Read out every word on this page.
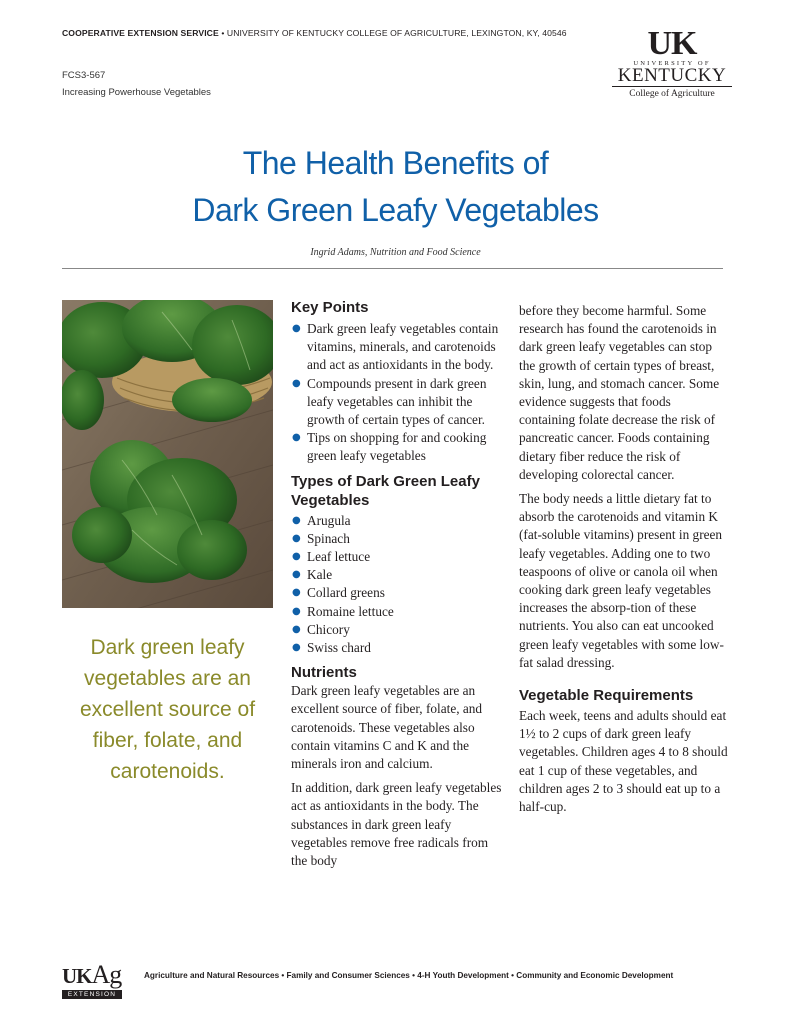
COOPERATIVE EXTENSION SERVICE • UNIVERSITY OF KENTUCKY COLLEGE OF AGRICULTURE, LEXINGTON, KY, 40546
FCS3-567
Increasing Powerhouse Vegetables
UK
UNIVERSITY OF
KENTUCKY
College of Agriculture
The Health Benefits of
Dark Green Leafy Vegetables
Ingrid Adams, Nutrition and Food Science
Dark green leafy vegetables are an excellent source of fiber, folate, and carotenoids.
Key Points
● Dark green leafy vegetables contain vitamins, minerals, and carotenoids and act as antioxidants in the body.
● Compounds present in dark green leafy vegetables can inhibit the growth of certain types of cancer.
● Tips on shopping for and cooking green leafy vegetables
Types of Dark Green Leafy Vegetables
● Arugula
● Spinach
● Leaf lettuce
● Kale
● Collard greens
● Romaine lettuce
● Chicory
● Swiss chard
Nutrients

Dark green leafy vegetables are an excellent source of fiber, folate, and carotenoids. These vegetables also contain vitamins C and K and the minerals iron and calcium.

In addition, dark green leafy vegetables act as antioxidants in the body. The substances in dark green leafy vegetables remove free radicals from the body

before they become harmful. Some research has found the carotenoids in dark green leafy vegetables can stop the growth of certain types of breast, skin, lung, and stomach cancer. Some evidence suggests that foods containing folate decrease the risk of pancreatic cancer. Foods containing dietary fiber reduce the risk of developing colorectal cancer.

The body needs a little dietary fat to absorb the carotenoids and vitamin K (fat-soluble vitamins) present in green leafy vegetables. Adding one to two teaspoons of olive or canola oil when cooking dark green leafy vegetables increases the absorp-tion of these nutrients. You also can eat uncooked green leafy vegetables with some low-fat salad dressing.

Vegetable Requirements

Each week, teens and adults should eat 1½ to 2 cups of dark green leafy vegetables. Children ages 4 to 8 should eat 1 cup of these vegetables, and children ages 2 to 3 should eat up to a half-cup.

UKAg
EXTENSION
Agriculture and Natural Resources • Family and Consumer Sciences • 4-H Youth Development • Community and Economic Development
